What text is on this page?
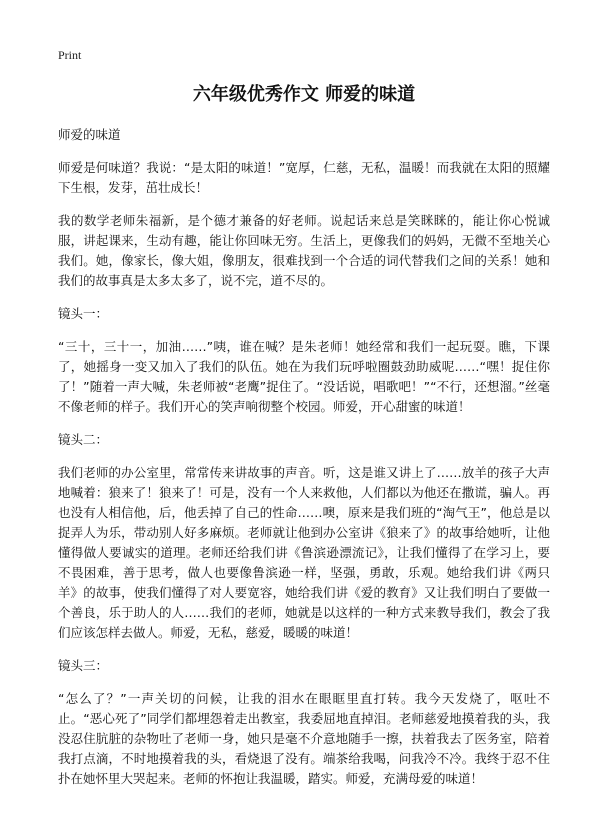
Print
六年级优秀作文 师爱的味道
师爱的味道
师爱是何味道？我说：“是太阳的味道！”宽厚，仁慈，无私，温暖！而我就在太阳的照耀下生根，发芽，茁壮成长！
我的数学老师朱福新，是个德才兼备的好老师。说起话来总是笑眯眯的，能让你心悦诚服，讲起课来，生动有趣，能让你回味无穷。生活上，更像我们的妈妈，无微不至地关心我们。她，像家长，像大姐，像朋友，很难找到一个合适的词代替我们之间的关系！她和我们的故事真是太多太多了，说不完，道不尽的。
镜头一：
“三十，三十一，加油……”咦，谁在喊？是朱老师！她经常和我们一起玩耍。瞧，下课了，她摇身一变又加入了我们的队伍。她在为我们玩呼啦圈鼓劲助威呢……“嘿！捉住你了！”随着一声大喊，朱老师被“老鹰”捉住了。“没话说，唱歌吧！”“不行，还想溜。”丝毫不像老师的样子。我们开心的笑声响彻整个校园。师爱，开心甜蜜的味道！
镜头二：
我们老师的办公室里，常常传来讲故事的声音。听，这是谁又讲上了……放羊的孩子大声地喊着：狼来了！狼来了！可是，没有一个人来救他，人们都以为他还在撒谎，骗人。再也没有人相信他，后，他丢掉了自己的性命……噢，原来是我们班的“淘气王”，他总是以捉弄人为乐，带动别人好多麻烦。老师就让他到办公室讲《狼来了》的故事给她听，让他懂得做人要诚实的道理。老师还给我们讲《鲁滨逊漂流记》，让我们懂得了在学习上，要不畏困难，善于思考，做人也要像鲁滨逊一样，坚强，勇敢，乐观。她给我们讲《两只羊》的故事，使我们懂得了对人要宽容，她给我们讲《爱的教育》又让我们明白了要做一个善良，乐于助人的人……我们的老师，她就是以这样的一种方式来教导我们，教会了我们应该怎样去做人。师爱，无私，慈爱，暖暖的味道！
镜头三：
“怎么了？”一声关切的问候，让我的泪水在眼眶里直打转。我今天发烧了，呕吐不止。“恶心死了”同学们都埋怨着走出教室，我委屈地直掉泪。老师慈爱地摸着我的头，我没忍住肮脏的杂物吐了老师一身，她只是毫不介意地随手一擦，扶着我去了医务室，陪着我打点滴，不时地摸着我的头，看烧退了没有。端茶给我喝，问我冷不冷。我终于忍不住扑在她怀里大哭起来。老师的怀抱让我温暖，踏实。师爱，充满母爱的味道！
